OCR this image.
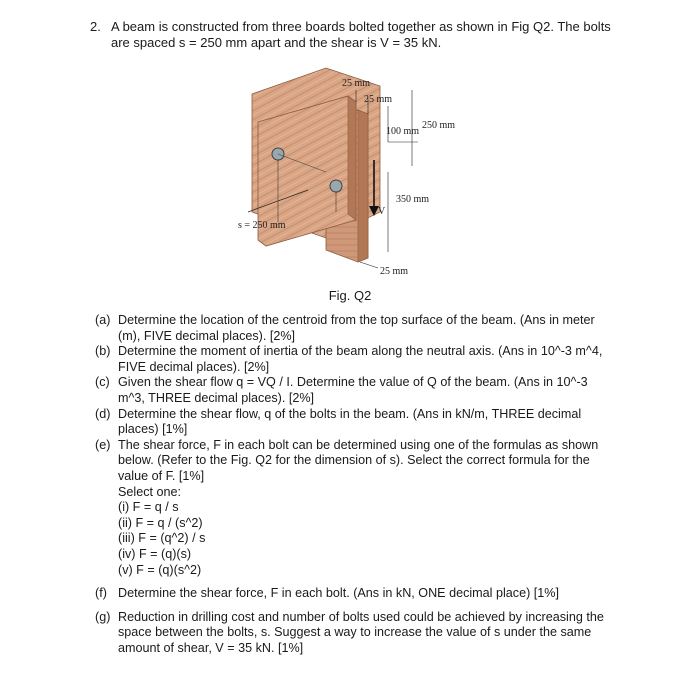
2. A beam is constructed from three boards bolted together as shown in Fig Q2. The bolts are spaced s = 250 mm apart and the shear is V = 35 kN.
25 mm
25 mm
100 mm
250 mm
350 mm
s = 250 mm
25 mm
V
Fig. Q2
(a) Determine the location of the centroid from the top surface of the beam. (Ans in meter (m), FIVE decimal places). [2%]
(b) Determine the moment of inertia of the beam along the neutral axis. (Ans in 10^-3 m^4, FIVE decimal places). [2%]
(c) Given the shear flow q = VQ / I. Determine the value of Q of the beam. (Ans in 10^-3 m^3, THREE decimal places). [2%]
(d) Determine the shear flow, q of the bolts in the beam. (Ans in kN/m, THREE decimal places) [1%]
(e) The shear force, F in each bolt can be determined using one of the formulas as shown below. (Refer to the Fig. Q2 for the dimension of s). Select the correct formula for the value of F. [1%]
Select one:
(i) F = q / s
(ii) F = q / (s^2)
(iii) F = (q^2) / s
(iv) F = (q)(s)
(v) F = (q)(s^2)
(f) Determine the shear force, F in each bolt. (Ans in kN, ONE decimal place) [1%]
(g) Reduction in drilling cost and number of bolts used could be achieved by increasing the space between the bolts, s. Suggest a way to increase the value of s under the same amount of shear, V = 35 kN. [1%]
